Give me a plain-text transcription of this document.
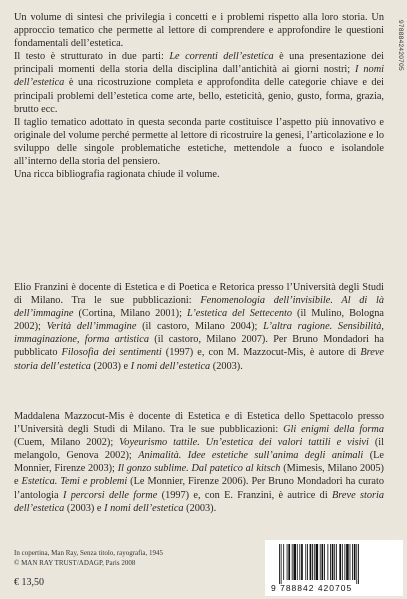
Un volume di sintesi che privilegia i concetti e i problemi rispetto alla loro storia. Un approccio tematico che permette al lettore di comprendere e approfondire le questioni fondamentali dell’estetica.

Il testo è strutturato in due parti: Le correnti dell’estetica è una presentazione dei principali momenti della storia della disciplina dall’antichità ai giorni nostri; I nomi dell’estetica è una ricostruzione completa e approfondita delle categorie chiave e dei principali problemi dell’estetica come arte, bello, esteticità, genio, gusto, forma, grazia, brutto ecc.

Il taglio tematico adottato in questa seconda parte costituisce l’aspetto più innovativo e originale del volume perché permette al lettore di ricostruire la genesi, l’articolazione e lo sviluppo delle singole problematiche estetiche, mettendole a fuoco e isolandole all’interno della storia del pensiero.

Una ricca bibliografia ragionata chiude il volume.

Elio Franzini è docente di Estetica e di Poetica e Retorica presso l’Università degli Studi di Milano. Tra le sue pubblicazioni: Fenomenologia dell’invisibile. Al di là dell’immagine (Cortina, Milano 2001); L’estetica del Settecento (il Mulino, Bologna 2002); Verità dell’immagine (il castoro, Milano 2004); L’altra ragione. Sensibilità, immaginazione, forma artistica (il castoro, Milano 2007). Per Bruno Mondadori ha pubblicato Filosofia dei sentimenti (1997) e, con M. Mazzocut-Mis, è autore di Breve storia dell’estetica (2003) e I nomi dell’estetica (2003).

Maddalena Mazzocut-Mis è docente di Estetica e di Estetica dello Spettacolo presso l’Università degli Studi di Milano. Tra le sue pubblicazioni: Gli enigmi della forma (Cuem, Milano 2002); Voyeurismo tattile. Un’estetica dei valori tattili e visivi (il melangolo, Genova 2002); Animalità. Idee estetiche sull’anima degli animali (Le Monnier, Firenze 2003); Il gonzo sublime. Dal patetico al kitsch (Mimesis, Milano 2005) e Estetica. Temi e problemi (Le Monnier, Firenze 2006). Per Bruno Mondadori ha curato l’antologia I percorsi delle forme (1997) e, con E. Franzini, è autrice di Breve storia dell’estetica (2003) e I nomi dell’estetica (2003).

9788842420705
In copertina, Man Ray, Senza titolo, rayografia, 1945
© MAN RAY TRUST/ADAGP, Paris 2008
€ 13,50	9 788842 420705
